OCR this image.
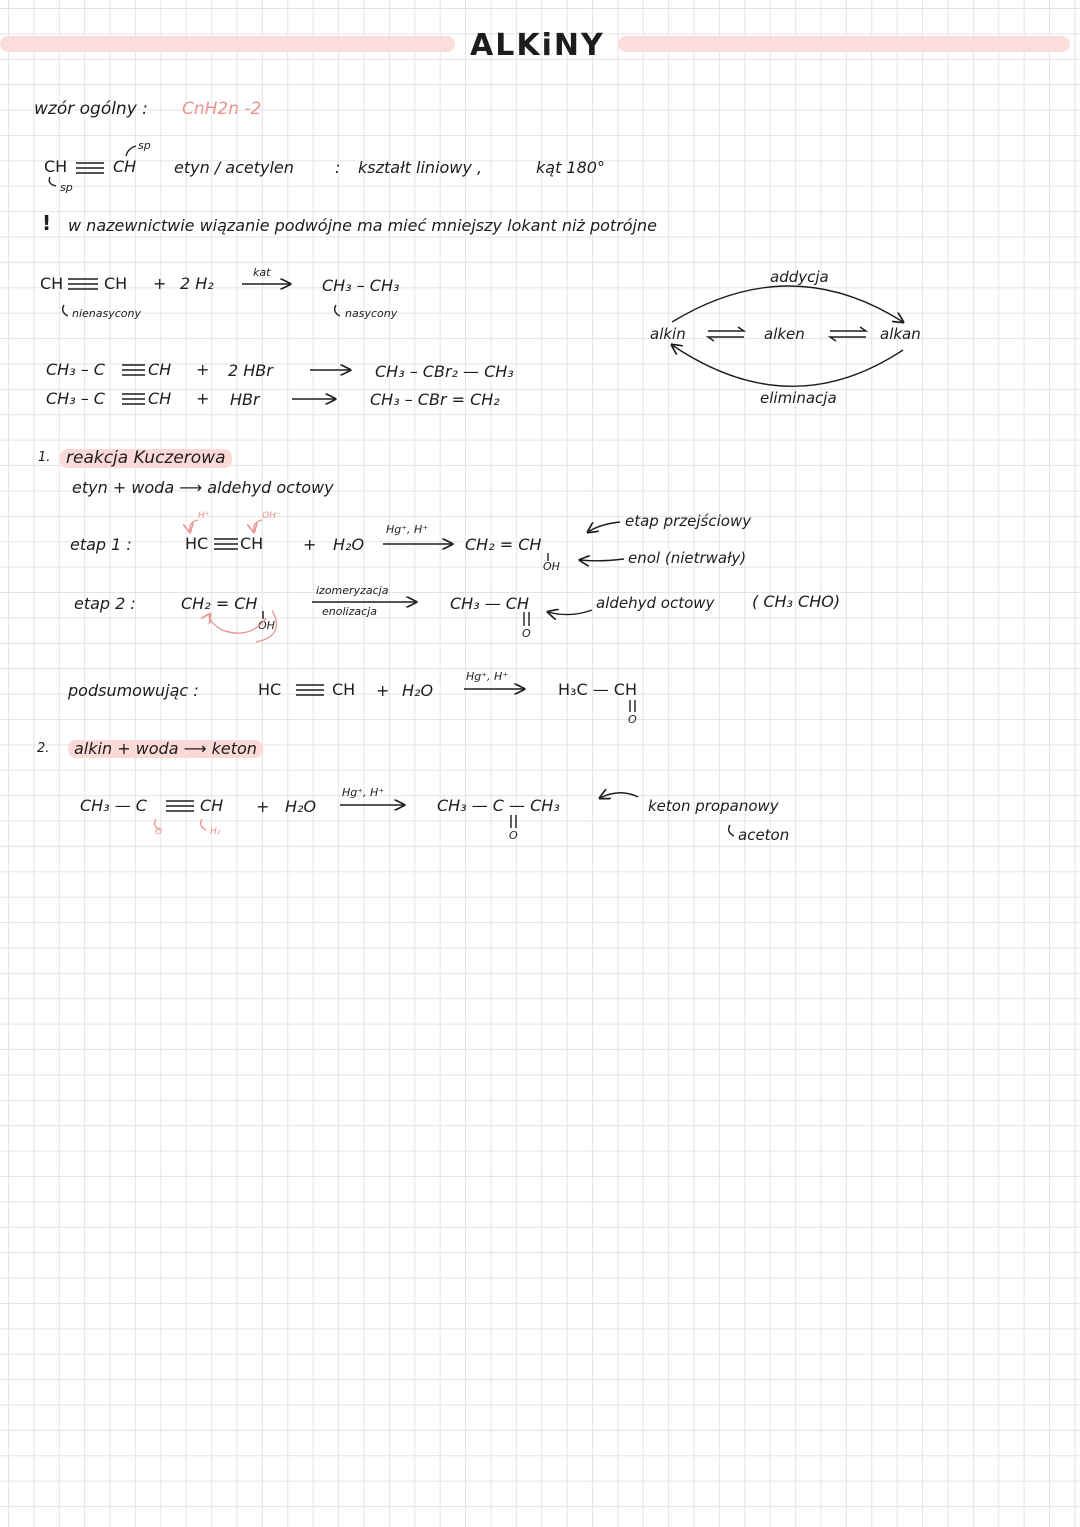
ALKiNY
wzór ogólny : CnH2n -2
CH	CH
sp
sp
etyn / acetylen	: kształt liniowy ,	kąt 180°
! w nazewnictwie wiązanie podwójne ma mieć mniejszy lokant niż potrójne
CH	CH + 2 H₂
kat
CH₃ – CH₃
nienasycony	nasycony
alkin	alken	alkan
addycja
eliminacja
CH₃ – C	CH + 2 HBr	CH₃ – CBr₂ — CH₃
CH₃ – C	CH + HBr	CH₃ – CBr = CH₂
1. reakcja Kuczerowa
etyn + woda ⟶ aldehyd octowy
etap 1 :
H⁺	OH⁻
HC CH + H₂O
Hg⁺, H⁺
CH₂ = CH
OH
etap przejściowy
enol (nietrwały)
etap 2 :	CH₂ = CH
OH
izomeryzacja
enolizacja	CH₃ — CH
O
aldehyd octowy ( CH₃ CHO)
podsumowując :	HC	CH + H₂O
Hg⁺, H⁺
H₃C — CH
O
2.	alkin + woda ⟶ keton
CH₃ — C	CH
O	H₂
+ H₂O
Hg⁺, H⁺
CH₃ — C — CH₃
O
keton propanowy
aceton
